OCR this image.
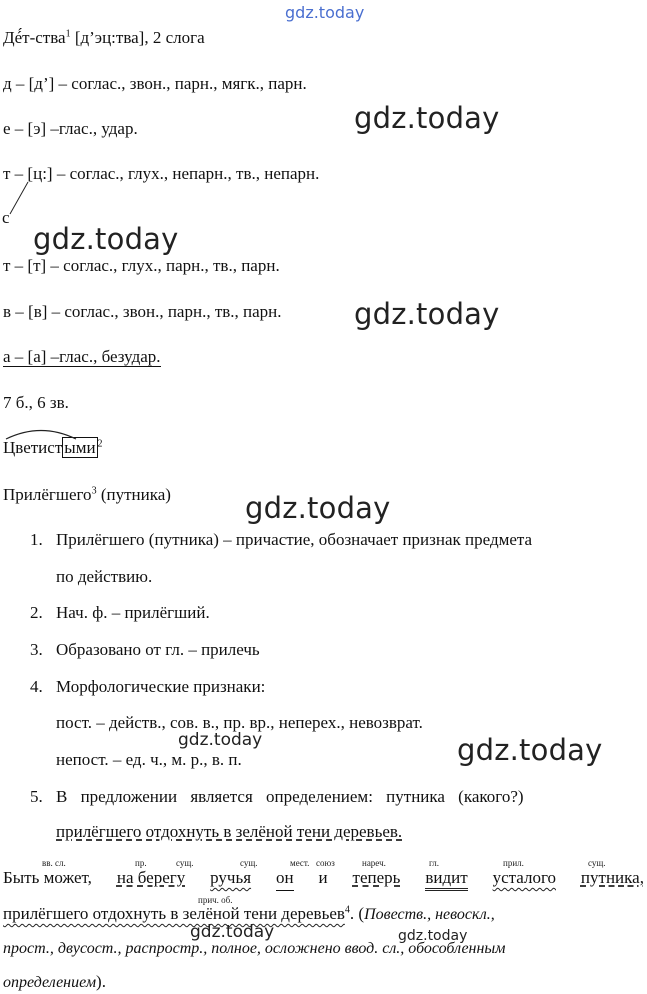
gdz.today
Дé́т-ства$^1$ [д’эц:тва], 2 слога
д – [д’] – соглас., звон., парн., мягк., парн.
е – [э] –глас., удар.
т – [ц:] – соглас., глух., непарн., тв., непарн.
с
т – [т] – соглас., глух., парн., тв., парн.
в – [в] – соглас., звон., парн., тв., парн.
а – [а] –глас., безудар.
7 б., 6 зв.
Цветист ыми $^2$
Прилёгшего$^3$ (путника)
1. Прилёгшего (путника) – причастие, обозначает признак предмета
по действию.
2. Нач. ф. – прилёгший.
3. Образовано от гл. – прилечь
4. Морфологические признаки:
пост. – действ., сов. в., пр. вр., неперех., невозврат.
непост. – ед. ч., м. р., в. п.
5. В предложении является определением: путника (какого?)
прилёгшего отдохнуть в зелёной тени деревьев.
вв. сл.	пр.	сущ.	сущ.	мест. союз	нареч.	гл.	прил.	сущ.
Быть может, на берегу ручья он и теперь видит усталого путника,
прич. об.
прилёгшего отдохнуть в зелёной тени деревьев$^4$. (Повеств., невоскл.,
прост., двусост., распростр., полное, осложнено ввод. сл., обособленным
определением).
gdz.today
gdz.today
gdz.today
gdz.today
gdz.today
gdz.today
gdz.today	gdz.today
